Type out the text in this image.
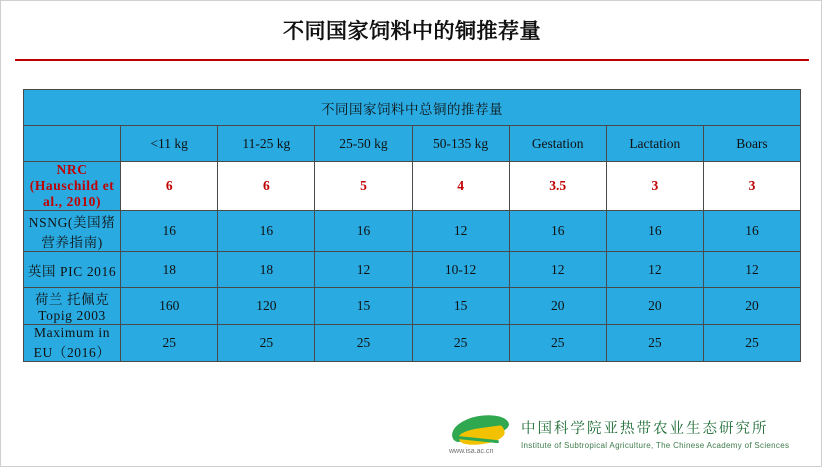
不同国家饲料中的铜推荐量
不同国家饲料中总铜的推荐量							
	<11 kg	11-25 kg	25-50 kg	50-135 kg	Gestation	Lactation	Boars
NRC (Hauschild et al., 2010)	6	6	5	4	3.5	3	3
NSNG(美国猪营养指南)	16	16	16	12	16	16	16
英国 PIC 2016	18	18	12	10-12	12	12	12
荷兰 托佩克 Topig 2003	160	120	15	15	20	20	20
Maximum in EU（2016）	25	25	25	25	25	25	25
www.isa.ac.cn
中国科学院亚热带农业生态研究所
Institute of Subtropical Agriculture, The Chinese Academy of Sciences
